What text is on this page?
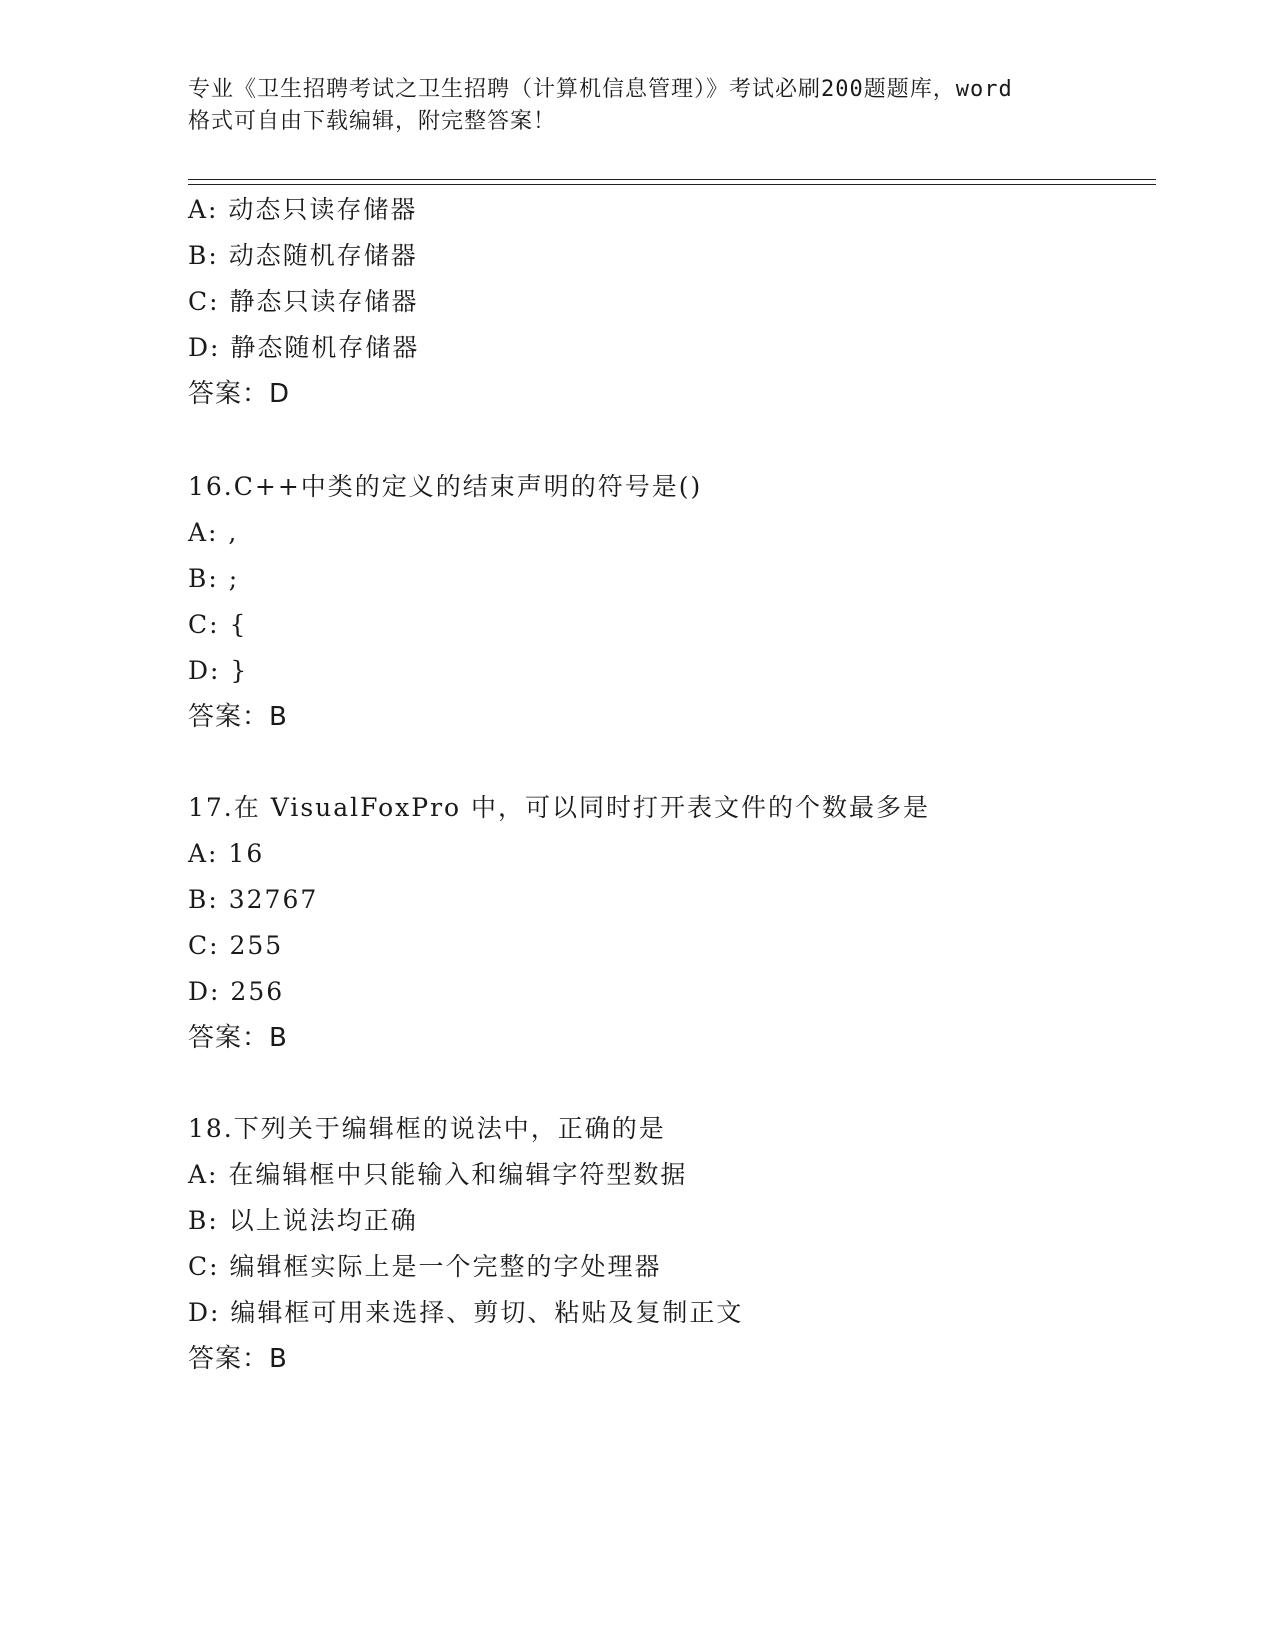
专业《卫生招聘考试之卫生招聘（计算机信息管理）》考试必刷200题题库，word
格式可自由下载编辑，附完整答案！
A: 动态只读存储器
B: 动态随机存储器
C: 静态只读存储器
D: 静态随机存储器
答案：D
16.C++中类的定义的结束声明的符号是()
A: ,
B: ;
C: {
D: }
答案：B
17.在 VisualFoxPro 中，可以同时打开表文件的个数最多是
A: 16
B: 32767
C: 255
D: 256
答案：B
18.下列关于编辑框的说法中，正确的是
A: 在编辑框中只能输入和编辑字符型数据
B: 以上说法均正确
C: 编辑框实际上是一个完整的字处理器
D: 编辑框可用来选择、剪切、粘贴及复制正文
答案：B
